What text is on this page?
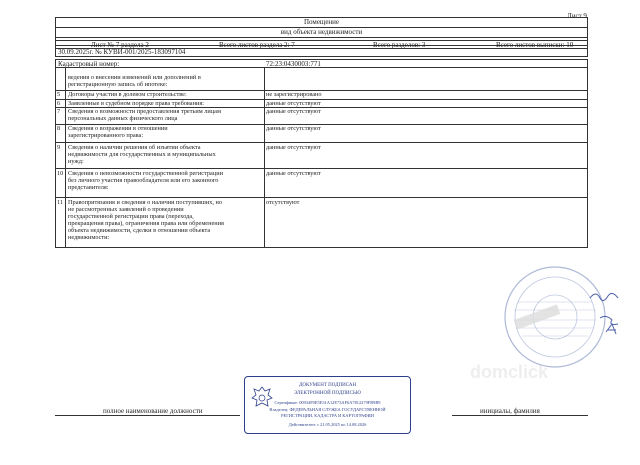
Лист 9
Помещение
вид объекта недвижимости
Лист № 7 раздела 2	Всего листов раздела 2: 7	Всего разделов: 3	Всего листов выписки: 10
30.09.2025г. № КУВИ-001/2025-183097104
Кадастровый номер:	72:23:0430003:771
ведения о внесении изменений или дополнений в
регистрационную запись об ипотеке:
5 Договоры участия в долевом строительстве:	не зарегистрировано
6 Заявленные в судебном порядке права требования:	данные отсутствуют
7 Сведения о возможности предоставления третьим лицам
персональных данных физического лица
данные отсутствуют
8 Сведения о возражении в отношении
зарегистрированного права:
данные отсутствуют
9 Сведения о наличии решения об изъятии объекта
недвижимости для государственных и муниципальных
нужд:
данные отсутствуют
10 Сведения о невозможности государственной регистрации
без личного участия правообладателя или его законного
представителя:
данные отсутствуют
11 Правопритязания и сведения о наличии поступивших, но
не рассмотренных заявлений о проведении
государственной регистрации права (перехода,
прекращения права), ограничения права или обременения
объекта недвижимости, сделки в отношении объекта
недвижимости:
отсутствуют
domclick
ДОКУМЕНТ ПОДПИСАН
ЭЛЕКТРОННОЙ ПОДПИСЬЮ
Сертификат: 00934F0E5E31A12E73AF6A7812279FB9B9
Владелец: ФЕДЕРАЛЬНАЯ СЛУЖБА ГОСУДАРСТВЕННОЙ
РЕГИСТРАЦИИ, КАДАСТРА И КАРТОГРАФИИ
Действителен: с 21.05.2025 по 14.08.2026
полное наименование должности	инициалы, фамилия
